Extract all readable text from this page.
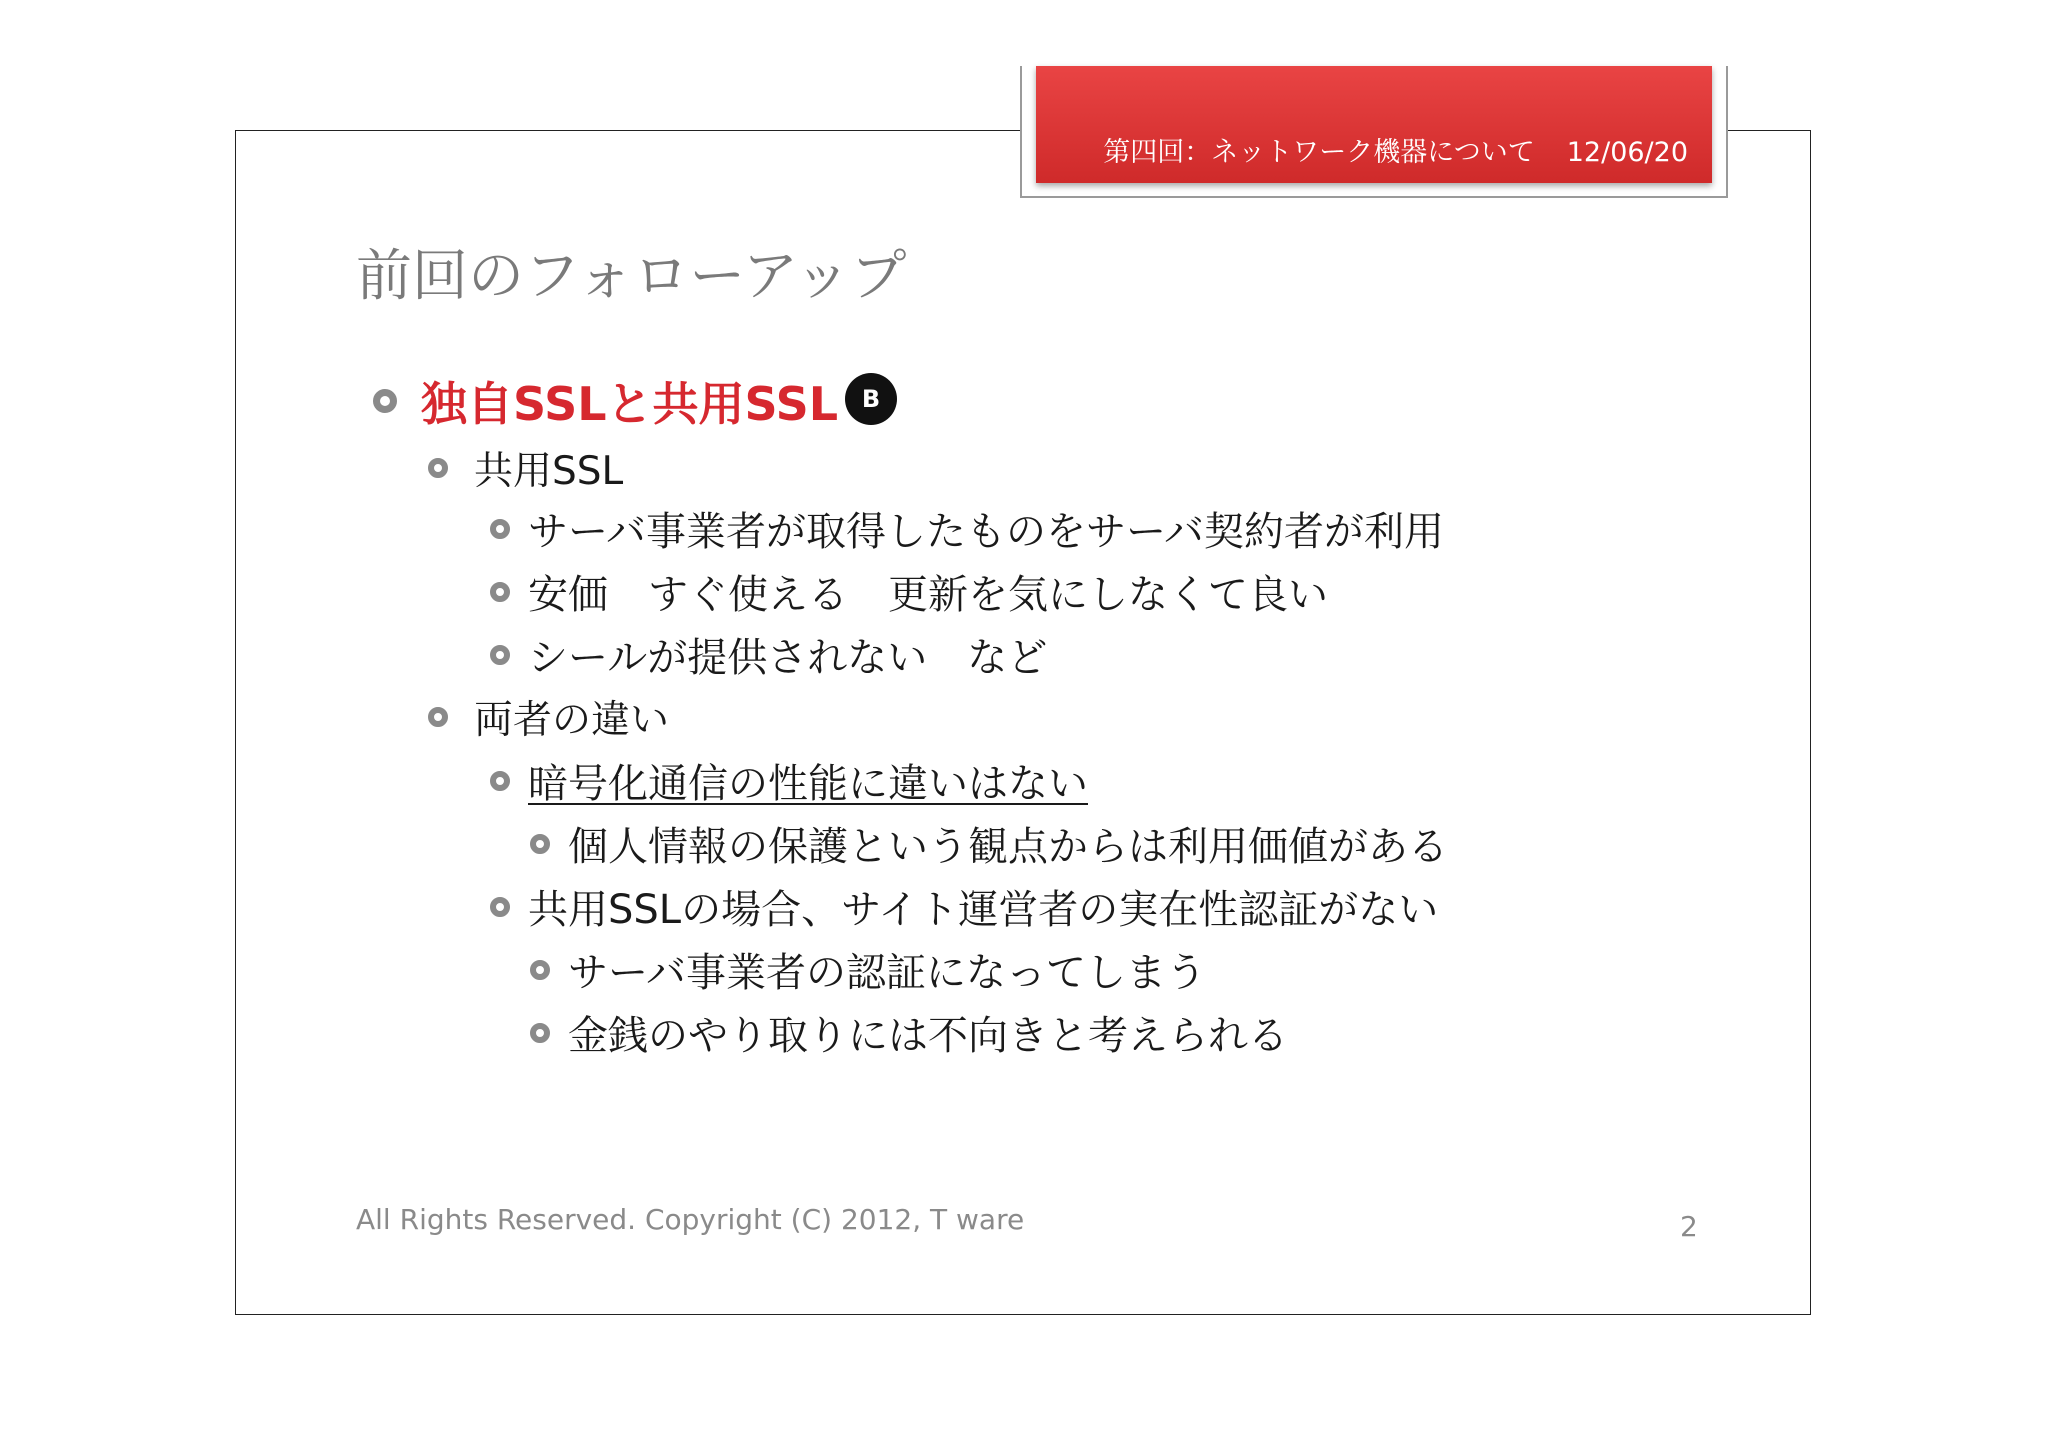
第四回：ネットワーク機器について 12/06/20
前回のフォローアップ
独自SSLと共用SSL B
共用SSL
サーバ事業者が取得したものをサーバ契約者が利用
安価　すぐ使える　更新を気にしなくて良い
シールが提供されない　など
両者の違い
暗号化通信の性能に違いはない
個人情報の保護という観点からは利用価値がある
共用SSLの場合、サイト運営者の実在性認証がない
サーバ事業者の認証になってしまう
金銭のやり取りには不向きと考えられる
All Rights Reserved. Copyright (C) 2012, T ware	2
